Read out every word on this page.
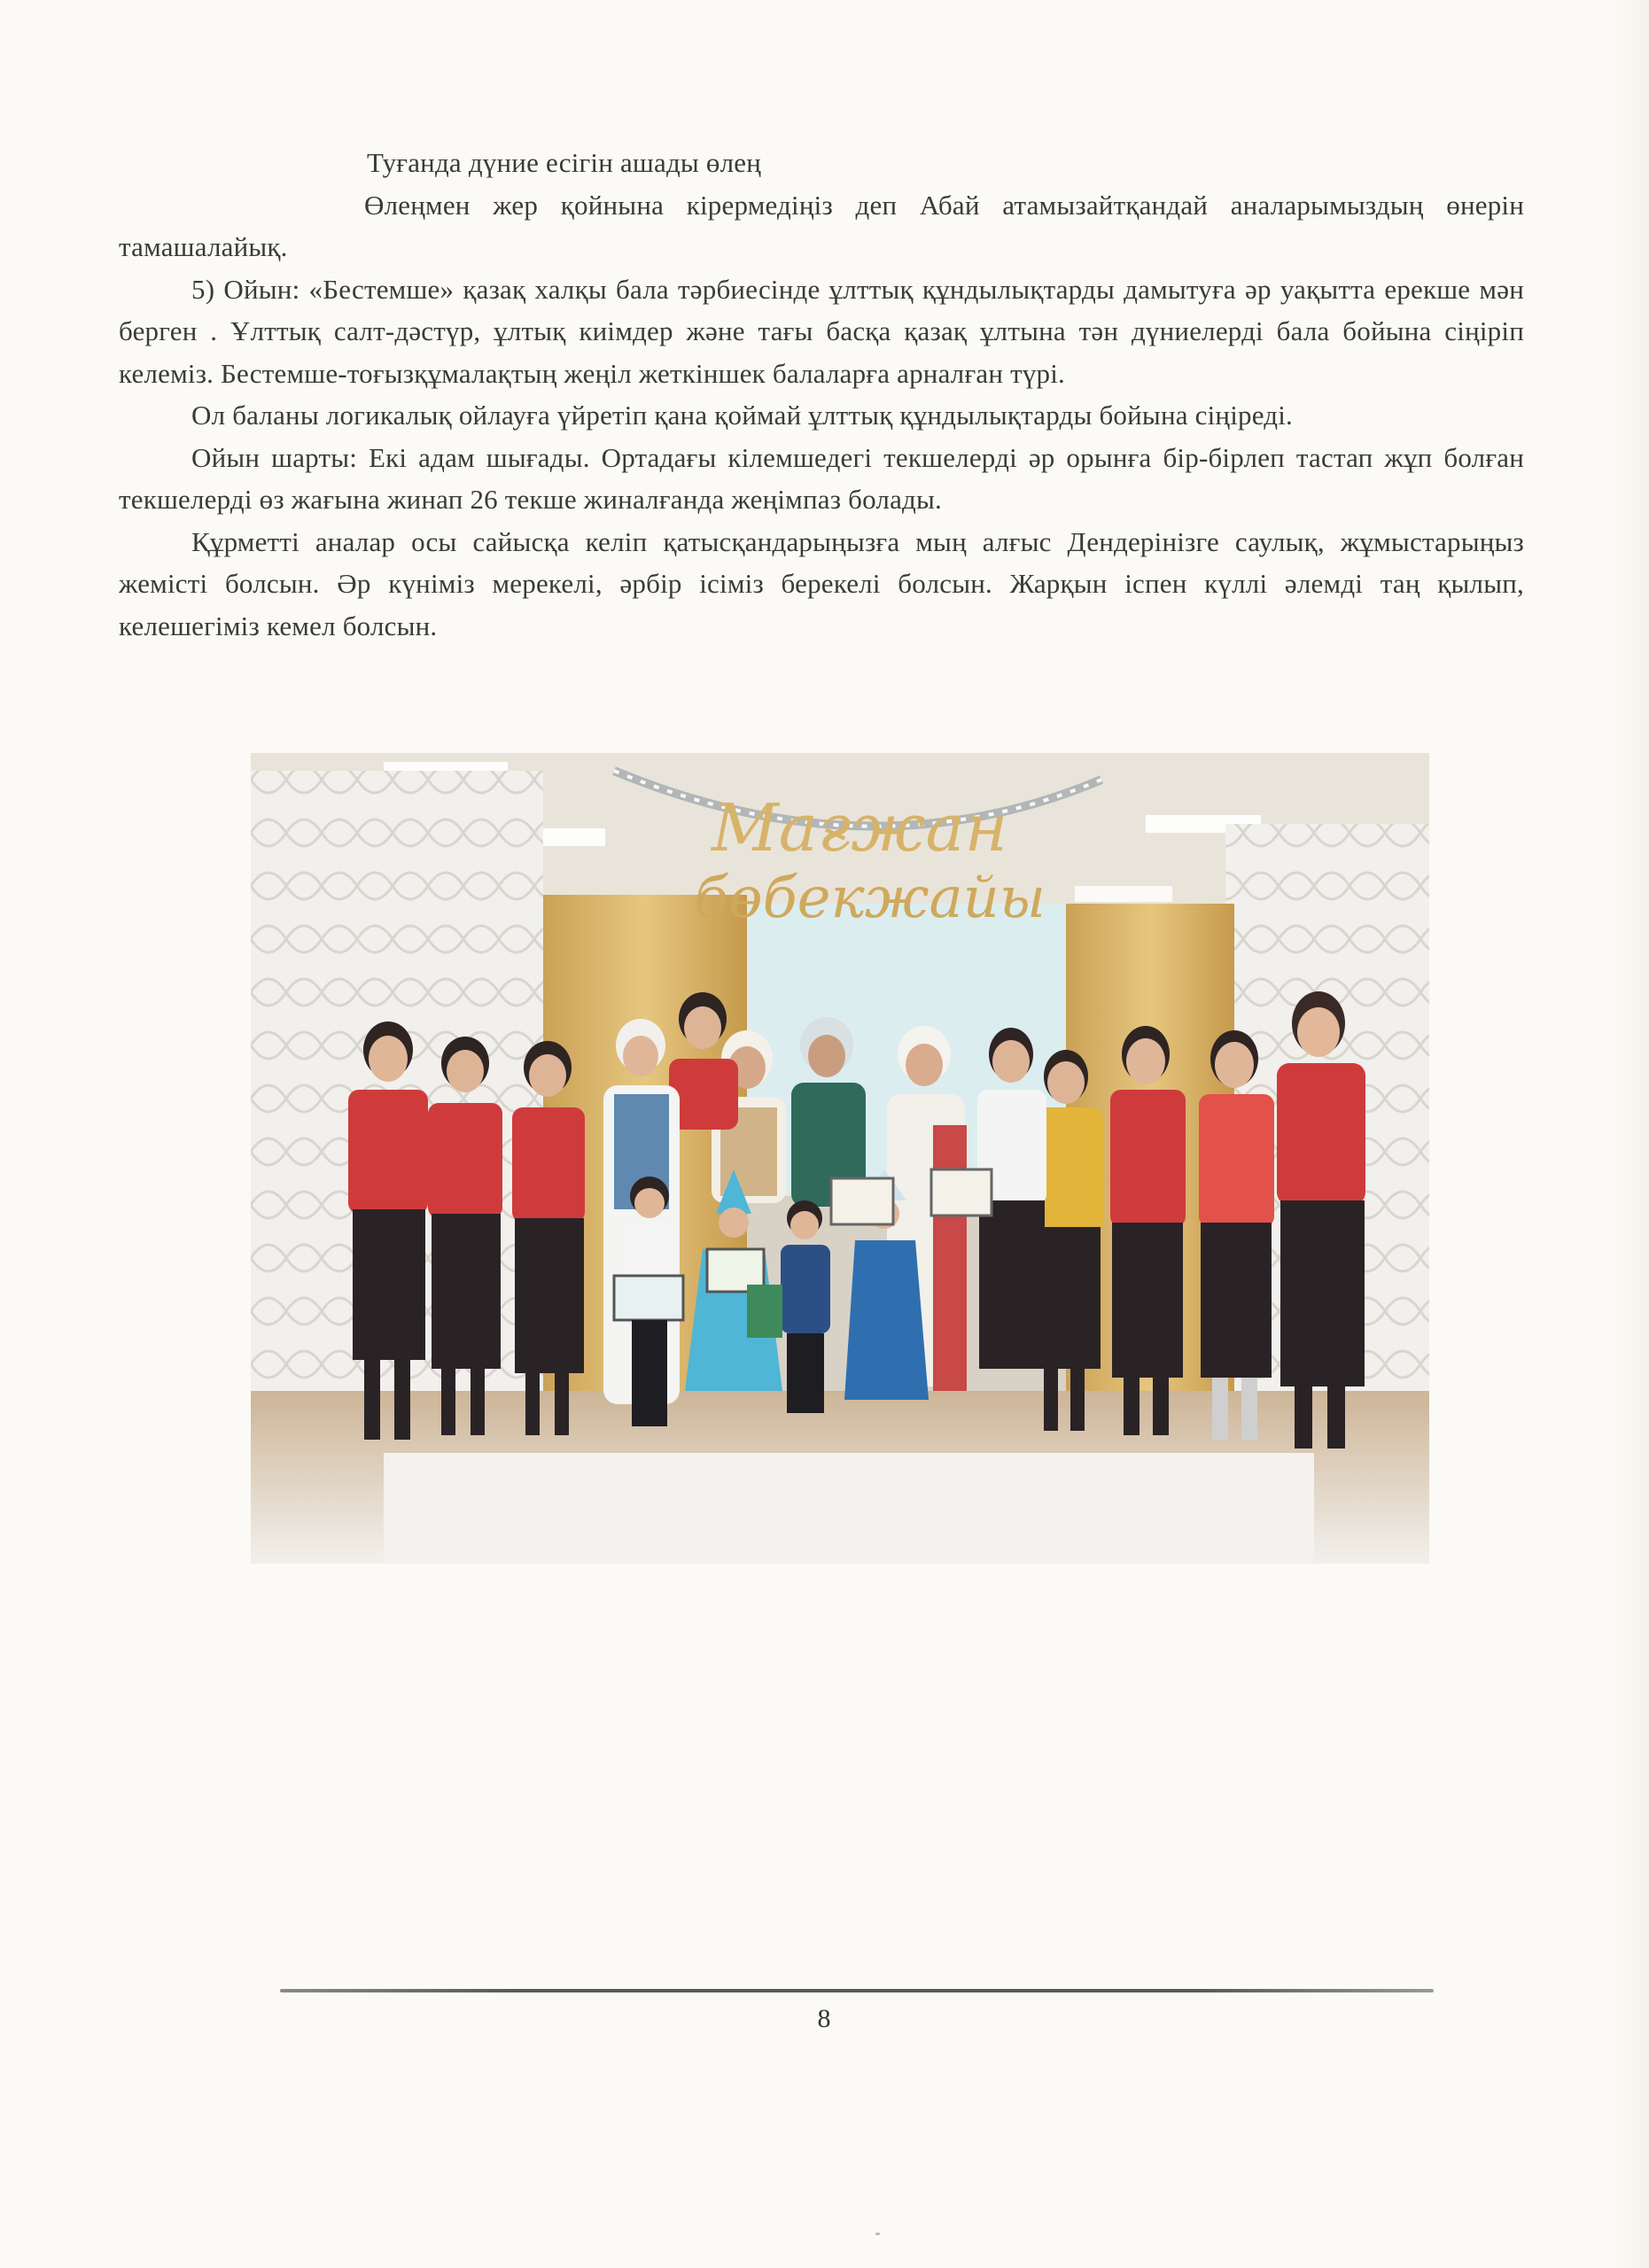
Туғанда дүние есігін ашады өлең

Өлеңмен жер қойнына кірермедіңіз деп Абай атамызайтқандай аналарымыздың өнерін тамашалайық.

5) Ойын: «Бестемше» қазақ халқы бала тәрбиесінде ұлттық құндылықтарды дамытуға әр уақытта ерекше мән берген . Ұлттық салт-дәстүр, ұлтық киімдер және тағы басқа қазақ ұлтына тән дүниелерді бала бойына сіңіріп келеміз. Бестемше-тоғызқұмалақтың жеңіл жеткіншек балаларға арналған түрі.

Ол баланы логикалық ойлауға үйретіп қана қоймай ұлттық құндылықтарды бойына сіңіреді.

Ойын шарты: Екі адам шығады. Ортадағы кілемшедегі текшелерді әр орынға бір-бірлеп тастап жұп болған текшелерді өз жағына жинап 26 текше жиналғанда жеңімпаз болады.

Құрметті аналар осы сайысқа келіп қатысқандарыңызға мың алғыс Дендерінізге саулық, жұмыстарыңыз жемісті болсын. Әр күніміз мерекелі, әрбір ісіміз берекелі болсын. Жарқын іспен күллі әлемді таң қылып, келешегіміз кемел болсын.

Мағжан
бөбекжайы
8
